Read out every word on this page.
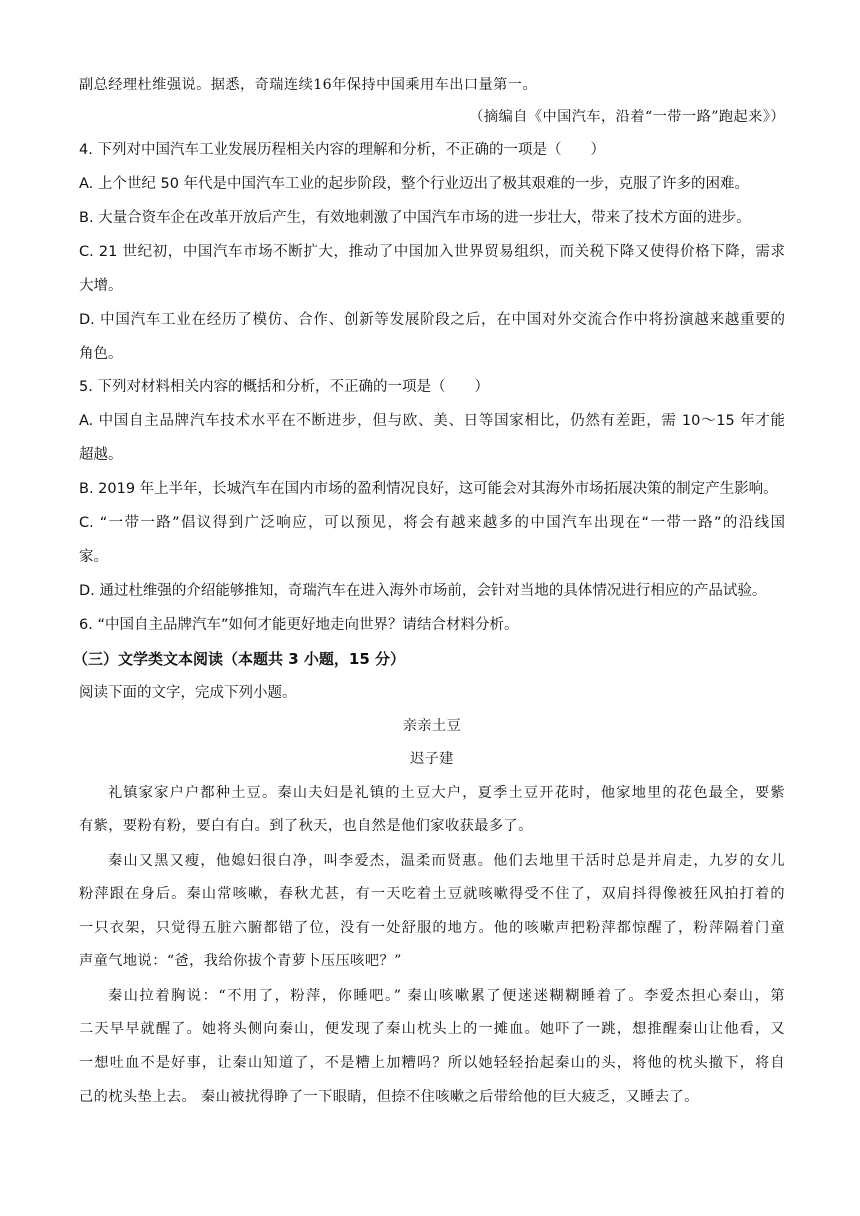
副总经理杜维强说。据悉，奇瑞连续16年保持中国乘用车出口量第一。
（摘编自《中国汽车，沿着“一带一路”跑起来》）
4. 下列对中国汽车工业发展历程相关内容的理解和分析，不正确的一项是（　　）
A. 上个世纪 50 年代是中国汽车工业的起步阶段，整个行业迈出了极其艰难的一步，克服了许多的困难。
B. 大量合资车企在改革开放后产生，有效地刺激了中国汽车市场的进一步壮大，带来了技术方面的进步。
C. 21 世纪初，中国汽车市场不断扩大，推动了中国加入世界贸易组织，而关税下降又使得价格下降，需求
大增。
D. 中国汽车工业在经历了模仿、合作、创新等发展阶段之后，在中国对外交流合作中将扮演越来越重要的
角色。
5. 下列对材料相关内容的概括和分析，不正确的一项是（　　）
A. 中国自主品牌汽车技术水平在不断进步，但与欧、美、日等国家相比，仍然有差距，需 10～15 年才能
超越。
B. 2019 年上半年，长城汽车在国内市场的盈利情况良好，这可能会对其海外市场拓展决策的制定产生影响。
C. “一带一路”倡议得到广泛响应，可以预见，将会有越来越多的中国汽车出现在“一带一路”的沿线国
家。
D. 通过杜维强的介绍能够推知，奇瑞汽车在进入海外市场前，会针对当地的具体情况进行相应的产品试验。
6. “中国自主品牌汽车”如何才能更好地走向世界？请结合材料分析。
（三）文学类文本阅读（本题共 3 小题，15 分）
阅读下面的文字，完成下列小题。
亲亲土豆
迟子建
礼镇家家户户都种土豆。秦山夫妇是礼镇的土豆大户，夏季土豆开花时，他家地里的花色最全，要紫
有紫，要粉有粉，要白有白。到了秋天，也自然是他们家收获最多了。
秦山又黑又瘦，他媳妇很白净，叫李爱杰，温柔而贤惠。他们去地里干活时总是并肩走，九岁的女儿
粉萍跟在身后。秦山常咳嗽，春秋尤甚，有一天吃着土豆就咳嗽得受不住了，双肩抖得像被狂风拍打着的
一只衣架，只觉得五脏六腑都错了位，没有一处舒服的地方。他的咳嗽声把粉萍都惊醒了，粉萍隔着门童
声童气地说：“爸，我给你拔个青萝卜压压咳吧？”
秦山拉着胸说：“不用了，粉萍，你睡吧。” 秦山咳嗽累了便迷迷糊糊睡着了。李爱杰担心秦山，第
二天早早就醒了。她将头侧向秦山，便发现了秦山枕头上的一摊血。她吓了一跳，想推醒秦山让他看，又
一想吐血不是好事，让秦山知道了，不是糟上加糟吗？所以她轻轻抬起秦山的头，将他的枕头撤下，将自
己的枕头垫上去。 秦山被扰得睁了一下眼睛，但捺不住咳嗽之后带给他的巨大疲乏，又睡去了。
